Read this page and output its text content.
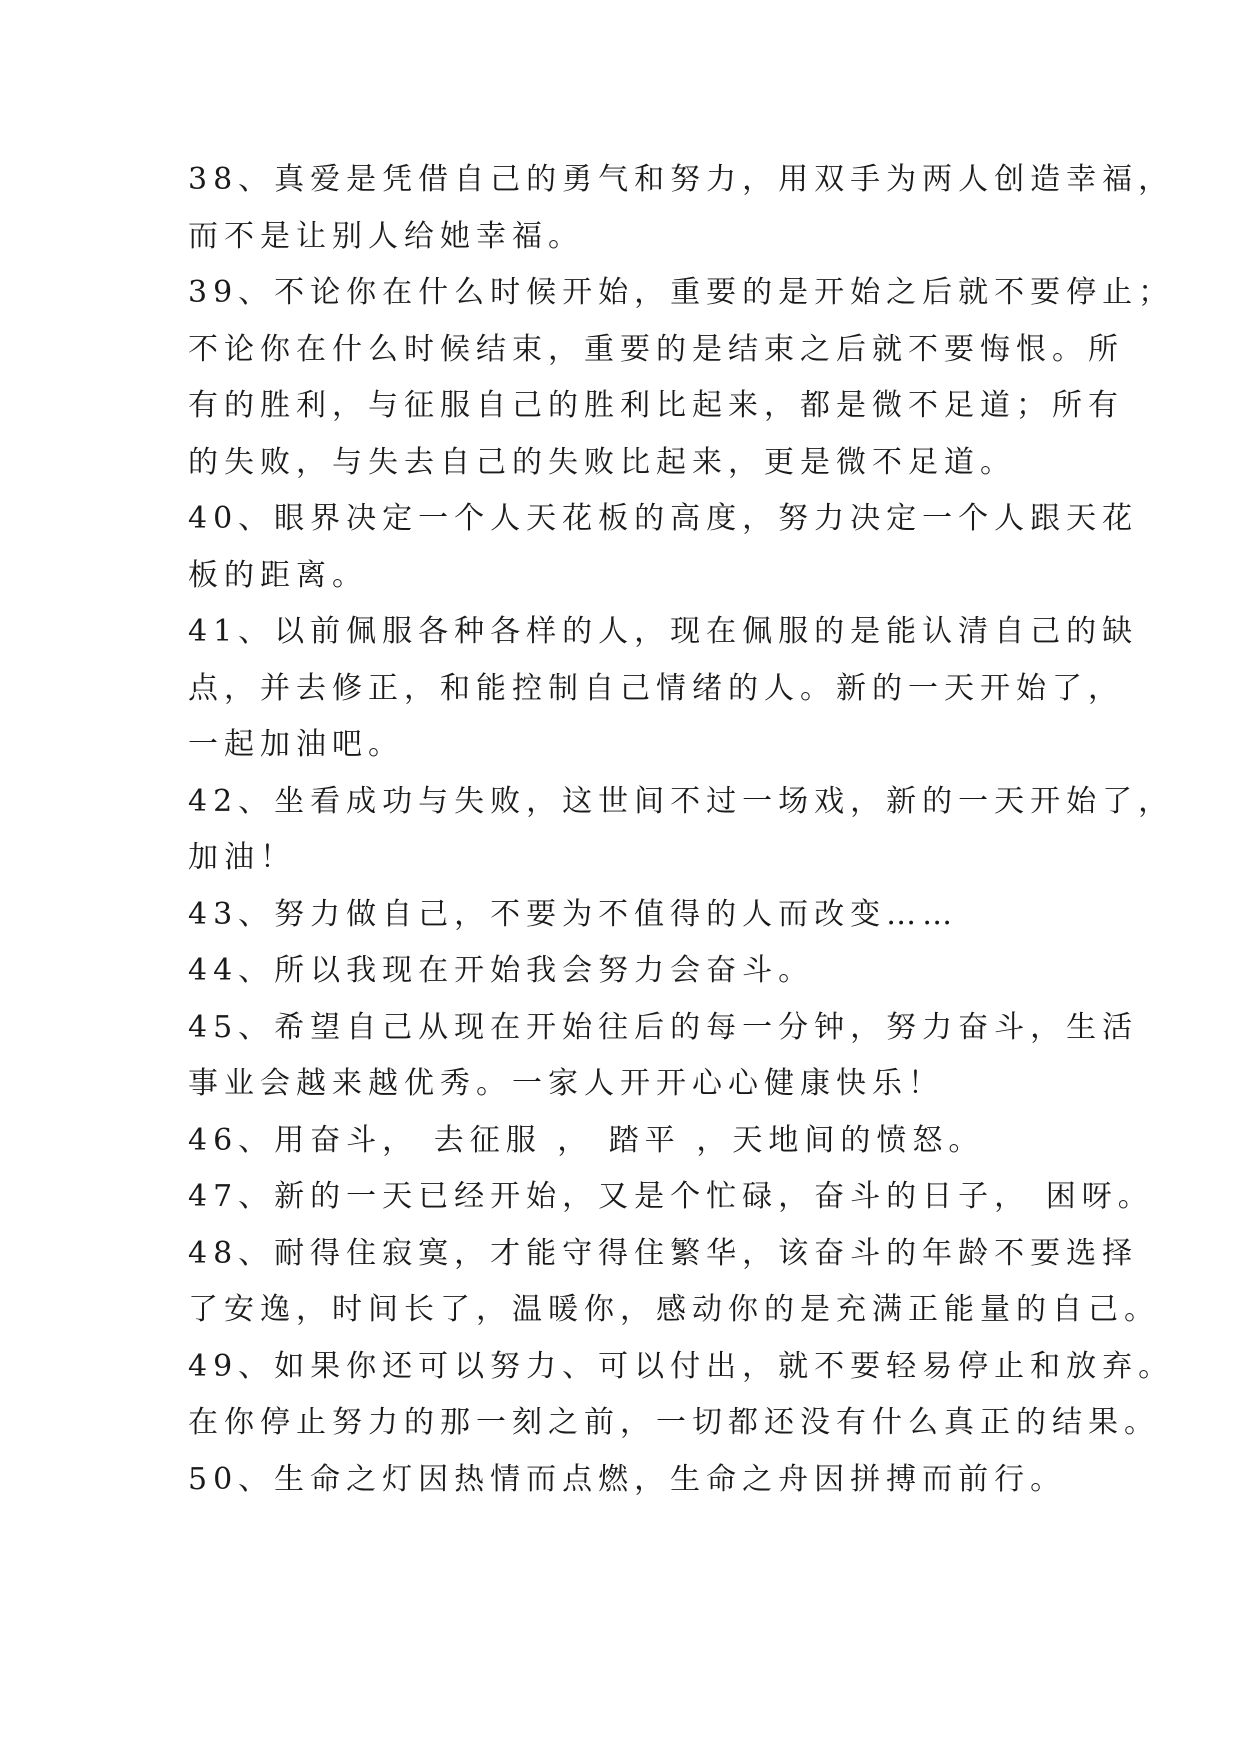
38、真爱是凭借自己的勇气和努力，用双手为两人创造幸福，
而不是让别人给她幸福。
39、不论你在什么时候开始，重要的是开始之后就不要停止；
不论你在什么时候结束，重要的是结束之后就不要悔恨。所
有的胜利，与征服自己的胜利比起来，都是微不足道；所有
的失败，与失去自己的失败比起来，更是微不足道。
40、眼界决定一个人天花板的高度，努力决定一个人跟天花
板的距离。
41、以前佩服各种各样的人，现在佩服的是能认清自己的缺
点，并去修正，和能控制自己情绪的人。新的一天开始了，
一起加油吧。
42、坐看成功与失败，这世间不过一场戏，新的一天开始了，
加油！
43、努力做自己，不要为不值得的人而改变……
44、所以我现在开始我会努力会奋斗。
45、希望自己从现在开始往后的每一分钟，努力奋斗，生活
事业会越来越优秀。一家人开开心心健康快乐！
46、用奋斗， 去征服 ， 踏平 ，天地间的愤怒。
47、新的一天已经开始，又是个忙碌，奋斗的日子， 困呀。
48、耐得住寂寞，才能守得住繁华，该奋斗的年龄不要选择
了安逸，时间长了，温暖你，感动你的是充满正能量的自己。
49、如果你还可以努力、可以付出，就不要轻易停止和放弃。
在你停止努力的那一刻之前，一切都还没有什么真正的结果。
50、生命之灯因热情而点燃，生命之舟因拼搏而前行。
